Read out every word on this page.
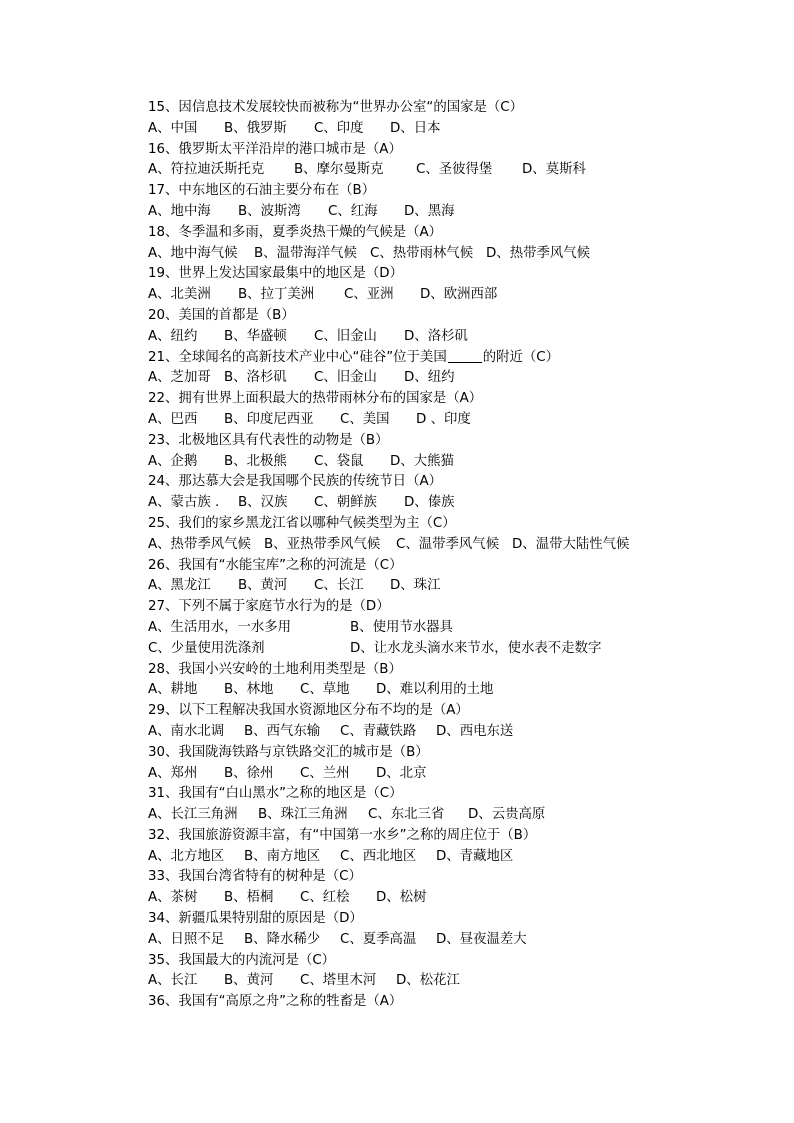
15、因信息技术发展较快而被称为“世界办公室“的国家是（C）
A、中国 B、俄罗斯 C、印度 D、日本
16、俄罗斯太平洋沿岸的港口城市是（A）
A、符拉迪沃斯托克 B、摩尔曼斯克 C、圣彼得堡 D、莫斯科
17、中东地区的石油主要分布在（B）
A、地中海 B、波斯湾 C、红海 D、黑海
18、冬季温和多雨，夏季炎热干燥的气候是（A）
A、地中海气候 B、温带海洋气候 C、热带雨林气候 D、热带季风气候
19、世界上发达国家最集中的地区是（D）
A、北美洲 B、拉丁美洲 C、亚洲 D、欧洲西部
20、美国的首都是（B）
A、纽约 B、华盛顿 C、旧金山 D、洛杉矶
21、全球闻名的高新技术产业中心“硅谷”位于美国	的附近（C）
A、芝加哥 B、洛杉矶 C、旧金山 D、纽约
22、拥有世界上面积最大的热带雨林分布的国家是（A）
A、巴西 B、印度尼西亚 C、美国 D 、印度
23、北极地区具有代表性的动物是（B）
A、企鹅 B、北极熊 C、袋鼠 D、大熊猫
24、那达慕大会是我国哪个民族的传统节日（A）
A、蒙古族 . B、汉族 C、朝鲜族 D、傣族
25、我们的家乡黑龙江省以哪种气候类型为主（C）
A、热带季风气候 B、亚热带季风气候 C、温带季风气候 D、温带大陆性气候
26、我国有“水能宝库”之称的河流是（C）
A、黑龙江 B、黄河 C、长江 D、珠江
27、下列不属于家庭节水行为的是（D）
A、生活用水，一水多用	B、使用节水器具
C、少量使用洗涤剂	D、让水龙头滴水来节水，使水表不走数字
28、我国小兴安岭的土地利用类型是（B）
A、耕地 B、林地 C、草地 D、难以利用的土地
29、以下工程解决我国水资源地区分布不均的是（A）
A、南水北调 B、西气东输 C、青藏铁路 D、西电东送
30、我国陇海铁路与京铁路交汇的城市是（B）
A、郑州 B、徐州 C、兰州 D、北京
31、我国有“白山黑水”之称的地区是（C）
A、长江三角洲 B、珠江三角洲 C、东北三省 D、云贵高原
32、我国旅游资源丰富，有“中国第一水乡”之称的周庄位于（B）
A、北方地区 B、南方地区 C、西北地区 D、青藏地区
33、我国台湾省特有的树种是（C）
A、茶树 B、梧桐 C、红桧 D、松树
34、新疆瓜果特别甜的原因是（D）
A、日照不足 B、降水稀少 C、夏季高温 D、昼夜温差大
35、我国最大的内流河是（C）
A、长江 B、黄河 C、塔里木河 D、松花江
36、我国有“高原之舟”之称的牲畜是（A）
